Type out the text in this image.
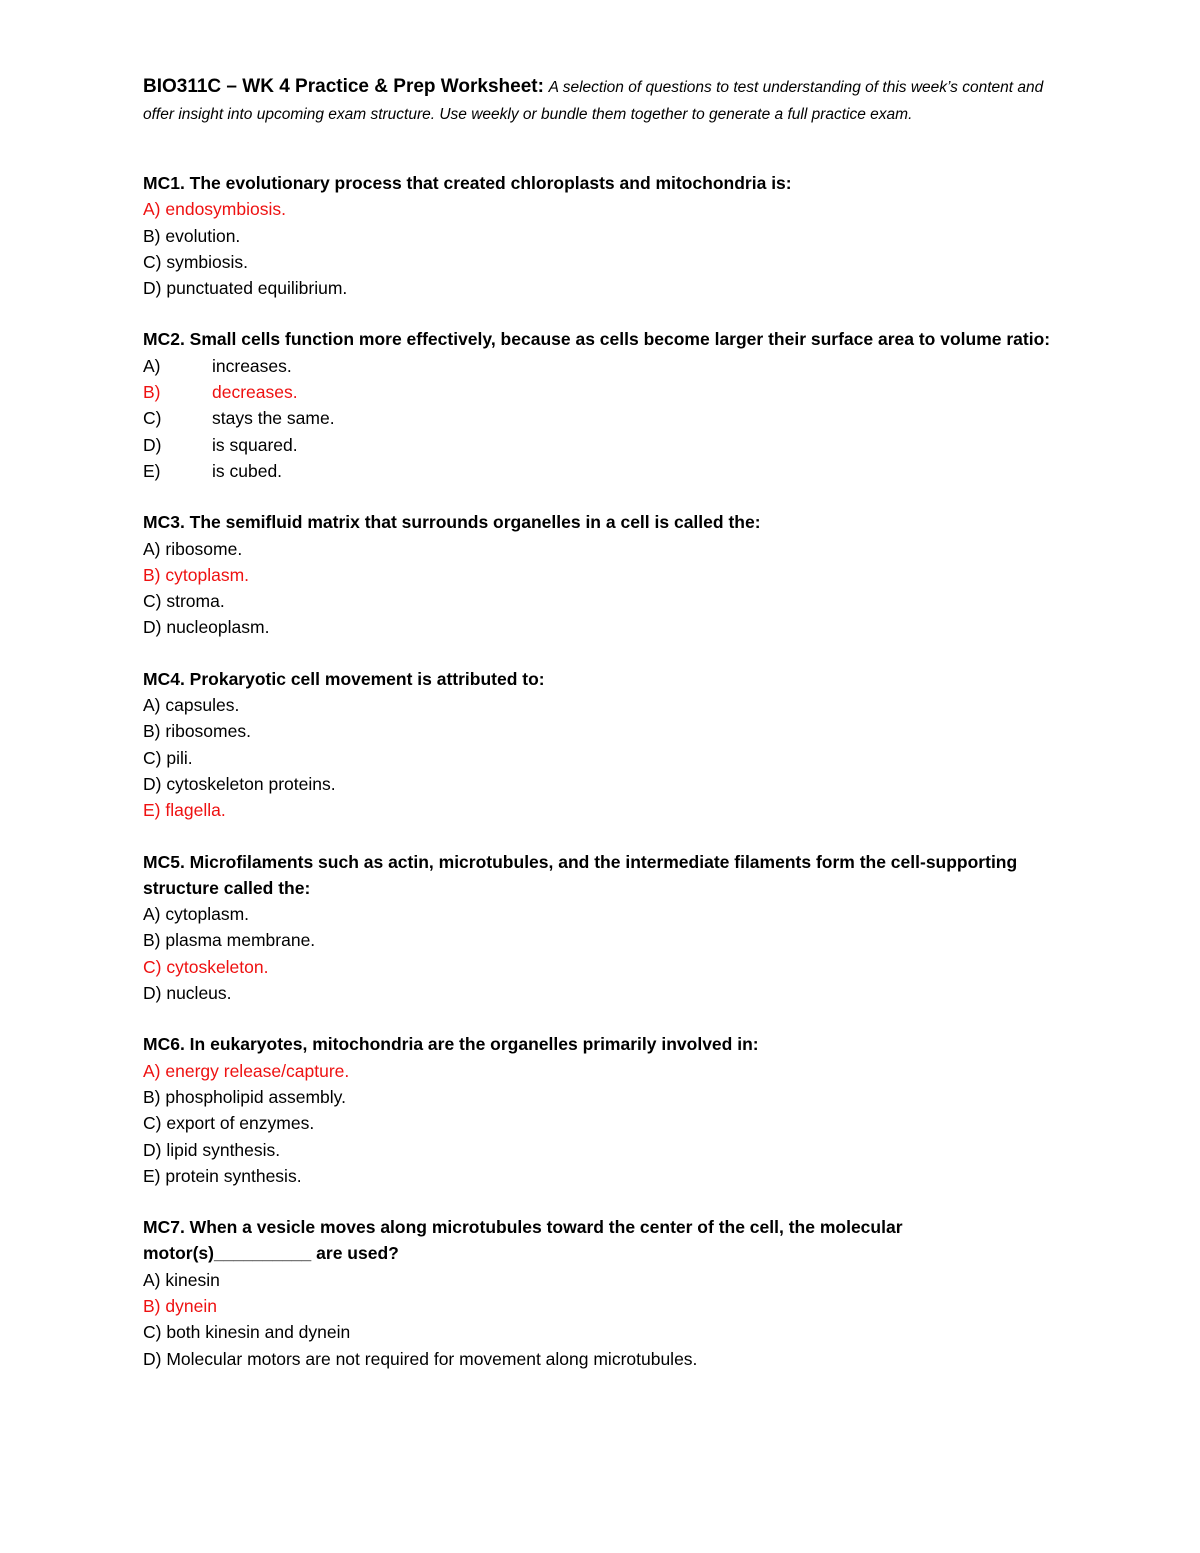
BIO311C – WK 4 Practice & Prep Worksheet: A selection of questions to test understanding of this week’s content and offer insight into upcoming exam structure. Use weekly or bundle them together to generate a full practice exam.

MC1. The evolutionary process that created chloroplasts and mitochondria is:

A) endosymbiosis.
B) evolution.
C) symbiosis.
D) punctuated equilibrium.

MC2. Small cells function more effectively, because as cells become larger their surface area to volume ratio:

A)	increases.
B)	decreases.
C)	stays the same.
D)	is squared.
E)	is cubed.

MC3. The semifluid matrix that surrounds organelles in a cell is called the:

A) ribosome.
B) cytoplasm.
C) stroma.
D) nucleoplasm.

MC4. Prokaryotic cell movement is attributed to:

A) capsules.
B) ribosomes.
C) pili.
D) cytoskeleton proteins.
E) flagella.

MC5. Microfilaments such as actin, microtubules, and the intermediate filaments form the cell-supporting structure called the:

A) cytoplasm.
B) plasma membrane.
C) cytoskeleton.
D) nucleus.

MC6. In eukaryotes, mitochondria are the organelles primarily involved in:

A) energy release/capture.
B) phospholipid assembly.
C) export of enzymes.
D) lipid synthesis.
E) protein synthesis.

MC7. When a vesicle moves along microtubules toward the center of the cell, the molecular motor(s)__________ are used?

A) kinesin
B) dynein
C) both kinesin and dynein
D) Molecular motors are not required for movement along microtubules.
